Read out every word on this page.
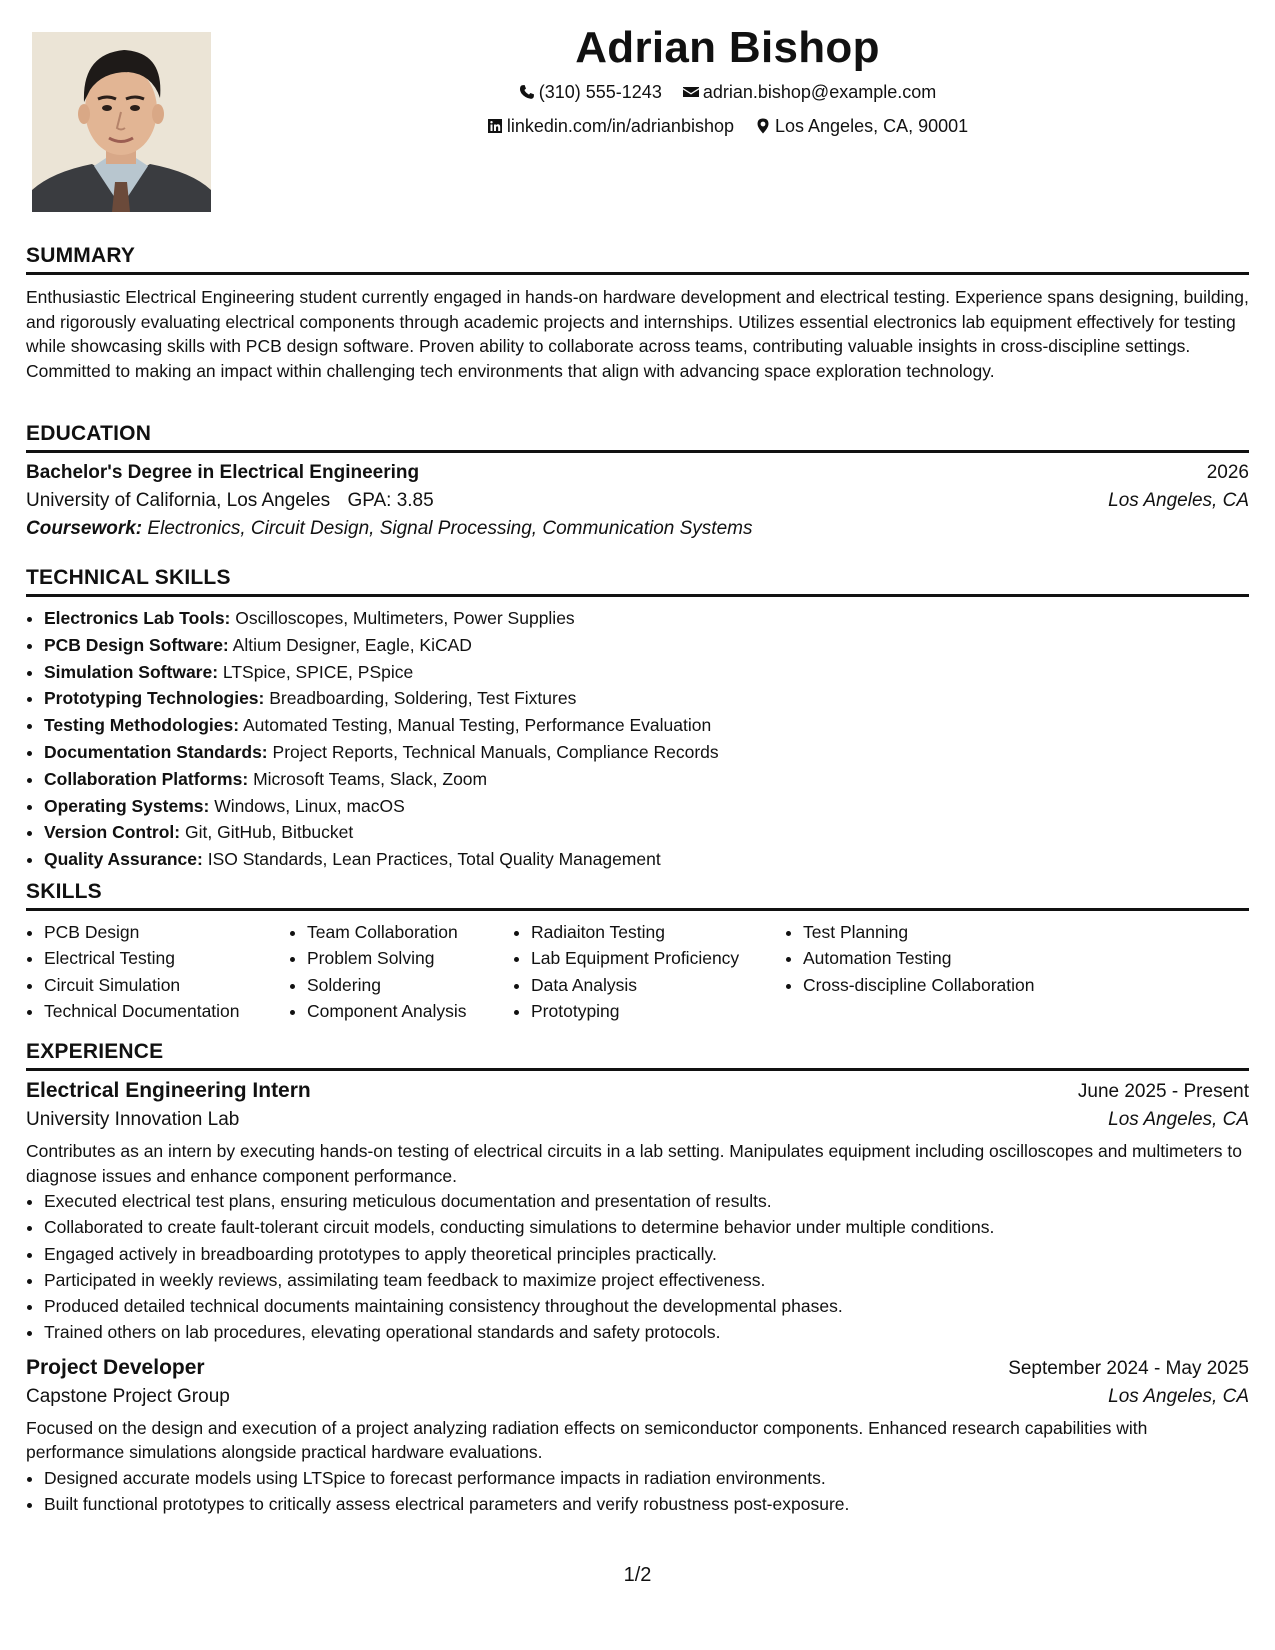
Adrian Bishop
(310) 555-1243
adrian.bishop@example.com
linkedin.com/in/adrianbishop
Los Angeles, CA, 90001
SUMMARY

Enthusiastic Electrical Engineering student currently engaged in hands-on hardware development and electrical testing. Experience spans designing, building, and rigorously evaluating electrical components through academic projects and internships. Utilizes essential electronics lab equipment effectively for testing while showcasing skills with PCB design software. Proven ability to collaborate across teams, contributing valuable insights in cross-discipline settings. Committed to making an impact within challenging tech environments that align with advancing space exploration technology.

EDUCATION
Bachelor's Degree in Electrical Engineering	2026
University of California, Los Angeles GPA: 3.85	Los Angeles, CA
Coursework: Electronics, Circuit Design, Signal Processing, Communication Systems
TECHNICAL SKILLS
• Electronics Lab Tools: Oscilloscopes, Multimeters, Power Supplies
• PCB Design Software: Altium Designer, Eagle, KiCAD
• Simulation Software: LTSpice, SPICE, PSpice
• Prototyping Technologies: Breadboarding, Soldering, Test Fixtures
• Testing Methodologies: Automated Testing, Manual Testing, Performance Evaluation
• Documentation Standards: Project Reports, Technical Manuals, Compliance Records
• Collaboration Platforms: Microsoft Teams, Slack, Zoom
• Operating Systems: Windows, Linux, macOS
• Version Control: Git, GitHub, Bitbucket
• Quality Assurance: ISO Standards, Lean Practices, Total Quality Management
SKILLS
• PCB Design
• Electrical Testing
• Circuit Simulation
• Technical Documentation
• Team Collaboration
• Problem Solving
• Soldering
• Component Analysis
• Radiaiton Testing
• Lab Equipment Proficiency
• Data Analysis
• Prototyping
• Test Planning
• Automation Testing
• Cross-discipline Collaboration
EXPERIENCE
Electrical Engineering Intern	June 2025 - Present
University Innovation Lab	Los Angeles, CA

Contributes as an intern by executing hands-on testing of electrical circuits in a lab setting. Manipulates equipment including oscilloscopes and multimeters to diagnose issues and enhance component performance.

• Executed electrical test plans, ensuring meticulous documentation and presentation of results.
• Collaborated to create fault-tolerant circuit models, conducting simulations to determine behavior under multiple conditions.
• Engaged actively in breadboarding prototypes to apply theoretical principles practically.
• Participated in weekly reviews, assimilating team feedback to maximize project effectiveness.
• Produced detailed technical documents maintaining consistency throughout the developmental phases.
• Trained others on lab procedures, elevating operational standards and safety protocols.
Project Developer	September 2024 - May 2025
Capstone Project Group	Los Angeles, CA

Focused on the design and execution of a project analyzing radiation effects on semiconductor components. Enhanced research capabilities with performance simulations alongside practical hardware evaluations.

• Designed accurate models using LTSpice to forecast performance impacts in radiation environments.
• Built functional prototypes to critically assess electrical parameters and verify robustness post-exposure.
1/2
